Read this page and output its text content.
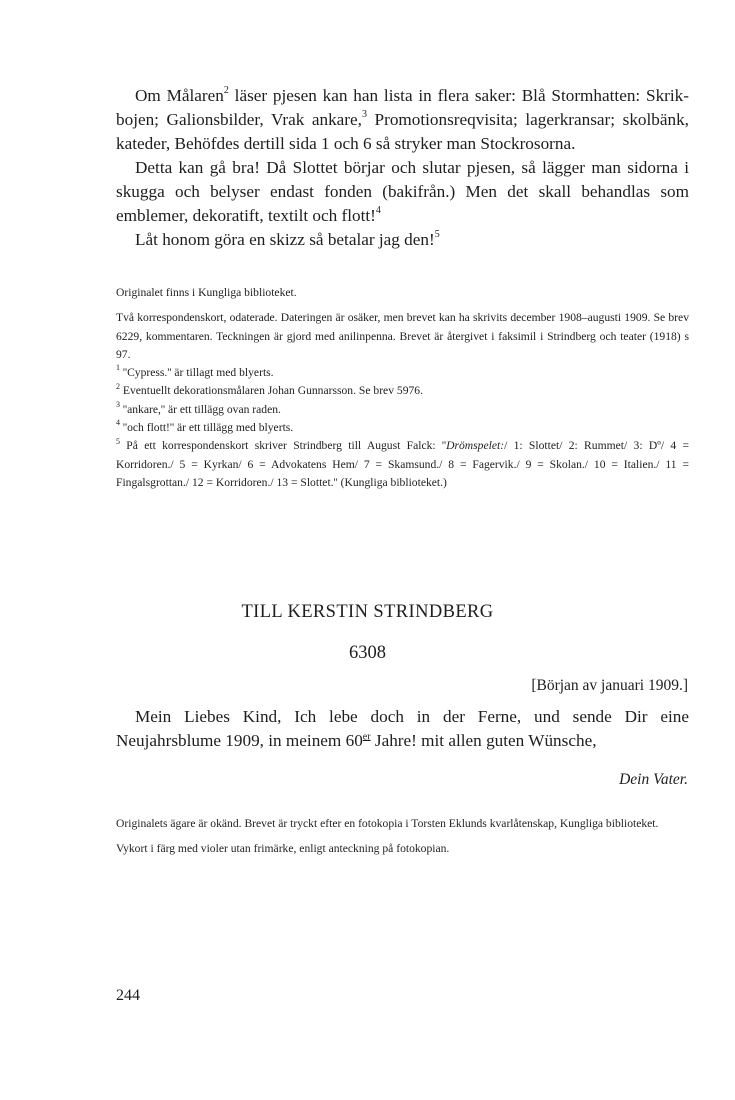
Om Målaren$^2$ läser pjesen kan han lista in flera saker: Blå Stormhatten: Skrik-bojen; Galionsbilder, Vrak ankare,$^3$ Promotionsreqvisita; lagerkransar; skolbänk, kateder, Behöfdes dertill sida 1 och 6 så stryker man Stockrosorna.

Detta kan gå bra! Då Slottet börjar och slutar pjesen, så lägger man sidorna i skugga och belyser endast fonden (bakifrån.) Men det skall behandlas som emblemer, dekoratift, textilt och flott!$^4$

Låt honom göra en skizz så betalar jag den!$^5$

Originalet finns i Kungliga biblioteket.

Två korrespondenskort, odaterade. Dateringen är osäker, men brevet kan ha skrivits december 1908–augusti 1909. Se brev 6229, kommentaren. Teckningen är gjord med anilinpenna. Brevet är återgivet i faksimil i Strindberg och teater (1918) s 97.

$^1$ ''Cypress.'' är tillagt med blyerts.

$^2$ Eventuellt dekorationsmålaren Johan Gunnarsson. Se brev 5976.

$^3$ ''ankare,'' är ett tillägg ovan raden.

$^4$ ''och flott!'' är ett tillägg med blyerts.

$^5$ På ett korrespondenskort skriver Strindberg till August Falck: ''Drömspelet:/ 1: Slottet/ 2: Rummet/ 3: Dº/ 4 = Korridoren./ 5 = Kyrkan/ 6 = Advokatens Hem/ 7 = Skamsund./ 8 = Fagervik./ 9 = Skolan./ 10 = Italien./ 11 = Fingalsgrottan./ 12 = Korridoren./ 13 = Slottet.'' (Kungliga biblioteket.)

TILL KERSTIN STRINDBERG
6308
[Början av januari 1909.]

Mein Liebes Kind, Ich lebe doch in der Ferne, und sende Dir eine Neujahrsblume 1909, in meinem 60er Jahre! mit allen guten Wünsche,

Dein Vater.

Originalets ägare är okänd. Brevet är tryckt efter en fotokopia i Torsten Eklunds kvarlåtenskap, Kungliga biblioteket.

Vykort i färg med violer utan frimärke, enligt anteckning på fotokopian.

244
